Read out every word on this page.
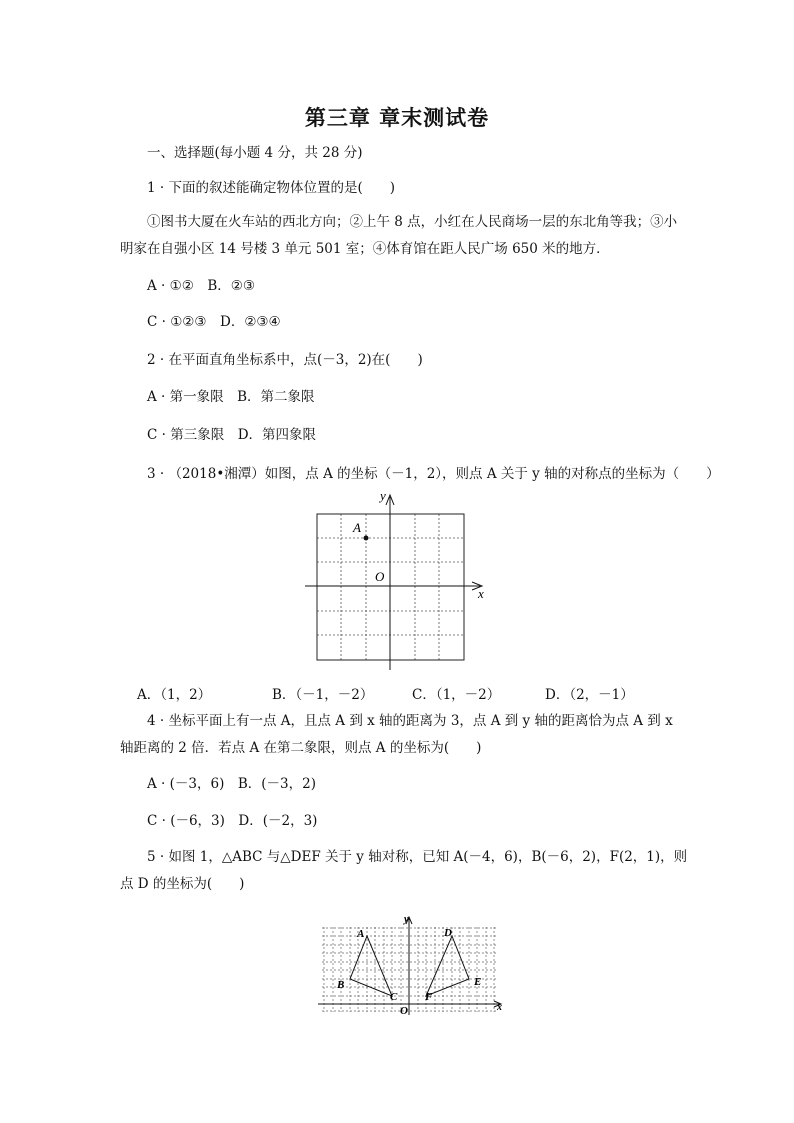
第三章 章末测试卷
一、选择题(每小题 4 分，共 28 分)
1 · 下面的叙述能确定物体位置的是(　　)
①图书大厦在火车站的西北方向；②上午 8 点，小红在人民商场一层的东北角等我；③小明家在自强小区 14 号楼 3 单元 501 室；④体育馆在距人民广场 650 米的地方．
A · ①②　B．②③
C · ①②③　D．②③④
2 · 在平面直角坐标系中，点(－3，2)在(　　)
A · 第一象限　B．第二象限
C · 第三象限　D．第四象限
3 · （2018•湘潭）如图，点 A 的坐标（－1，2），则点 A 关于 y 轴的对称点的坐标为（　　）
y
x
O
A
A．（1，2）	B．（－1，－2）	C．（1，－2）	D．（2，－1）
4 · 坐标平面上有一点 A，且点 A 到 x 轴的距离为 3，点 A 到 y 轴的距离恰为点 A 到 x
轴距离的 2 倍．若点 A 在第二象限，则点 A 的坐标为(　　)
A · (－3，6)　B．(－3，2)
C · (－6，3)　D．(－2，3)
5 · 如图 1，△ABC 与△DEF 关于 y 轴对称，已知 A(－4，6)，B(－6，2)，F(2，1)，则
点 D 的坐标为(　　)
y
x
O
A
B
C
D
E
F
